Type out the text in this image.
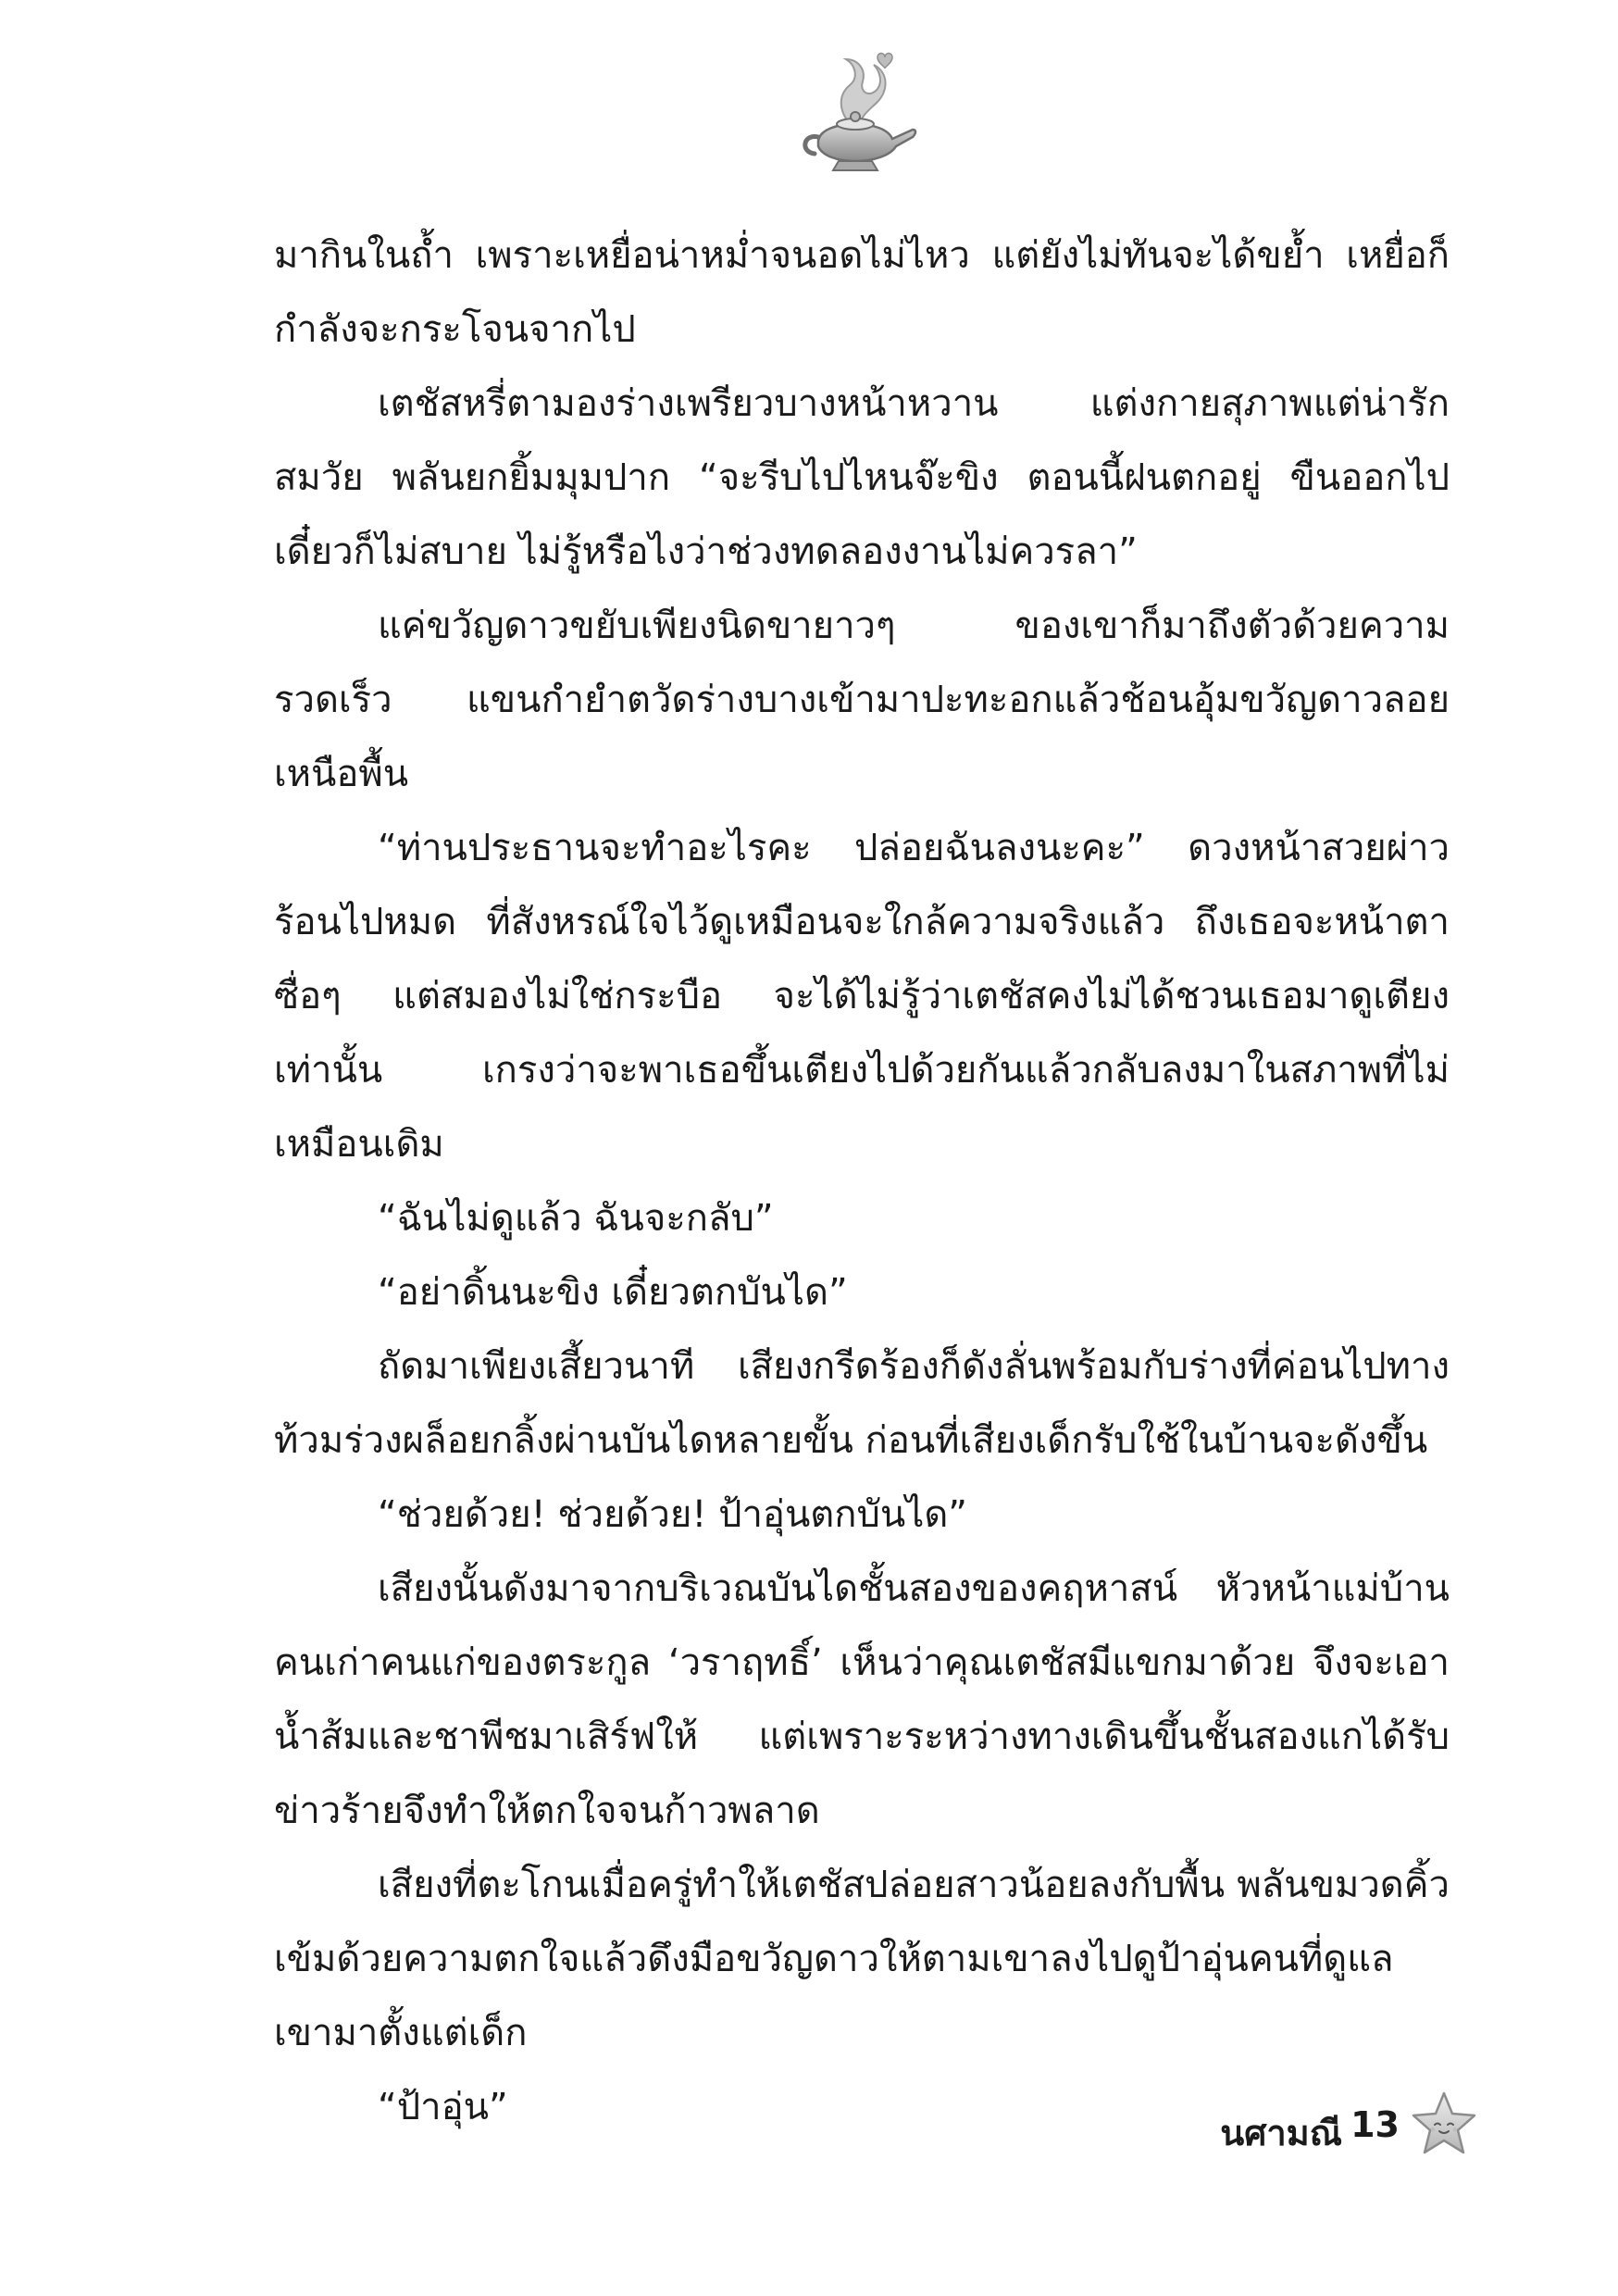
มากินในถ้ำ เพราะเหยื่อน่าหม่ำจนอดไม่ไหว แต่ยังไม่ทันจะได้ขย้ำ เหยื่อก็กำลังจะกระโจนจากไป

เตชัสหรี่ตามองร่างเพรียวบางหน้าหวาน แต่งกายสุภาพแต่น่ารักสมวัย พลันยกยิ้มมุมปาก “จะรีบไปไหนจ๊ะขิง ตอนนี้ฝนตกอยู่ ขืนออกไปเดี๋ยวก็ไม่สบาย ไม่รู้หรือไงว่าช่วงทดลองงานไม่ควรลา”

แค่ขวัญดาวขยับเพียงนิดขายาวๆ ของเขาก็มาถึงตัวด้วยความรวดเร็ว แขนกำยำตวัดร่างบางเข้ามาปะทะอกแล้วช้อนอุ้มขวัญดาวลอยเหนือพื้น

“ท่านประธานจะทำอะไรคะ ปล่อยฉันลงนะคะ” ดวงหน้าสวยผ่าวร้อนไปหมด ที่สังหรณ์ใจไว้ดูเหมือนจะใกล้ความจริงแล้ว ถึงเธอจะหน้าตาซื่อๆ แต่สมองไม่ใช่กระบือ จะได้ไม่รู้ว่าเตชัสคงไม่ได้ชวนเธอมาดูเตียงเท่านั้น เกรงว่าจะพาเธอขึ้นเตียงไปด้วยกันแล้วกลับลงมาในสภาพที่ไม่เหมือนเดิม

“ฉันไม่ดูแล้ว ฉันจะกลับ”

“อย่าดิ้นนะขิง เดี๋ยวตกบันได”

ถัดมาเพียงเสี้ยวนาที เสียงกรีดร้องก็ดังลั่นพร้อมกับร่างที่ค่อนไปทางท้วมร่วงผล็อยกลิ้งผ่านบันไดหลายขั้น ก่อนที่เสียงเด็กรับใช้ในบ้านจะดังขึ้น

“ช่วยด้วย! ช่วยด้วย! ป้าอุ่นตกบันได”

เสียงนั้นดังมาจากบริเวณบันไดชั้นสองของคฤหาสน์ หัวหน้าแม่บ้านคนเก่าคนแก่ของตระกูล ‘วราฤทธิ์’ เห็นว่าคุณเตชัสมีแขกมาด้วย จึงจะเอาน้ำส้มและชาพีชมาเสิร์ฟให้ แต่เพราะระหว่างทางเดินขึ้นชั้นสองแกได้รับข่าวร้ายจึงทำให้ตกใจจนก้าวพลาด

เสียงที่ตะโกนเมื่อครู่ทำให้เตชัสปล่อยสาวน้อยลงกับพื้น พลันขมวดคิ้วเข้มด้วยความตกใจแล้วดึงมือขวัญดาวให้ตามเขาลงไปดูป้าอุ่นคนที่ดูแลเขามาตั้งแต่เด็ก

“ป้าอุ่น”

นศามณี 13
